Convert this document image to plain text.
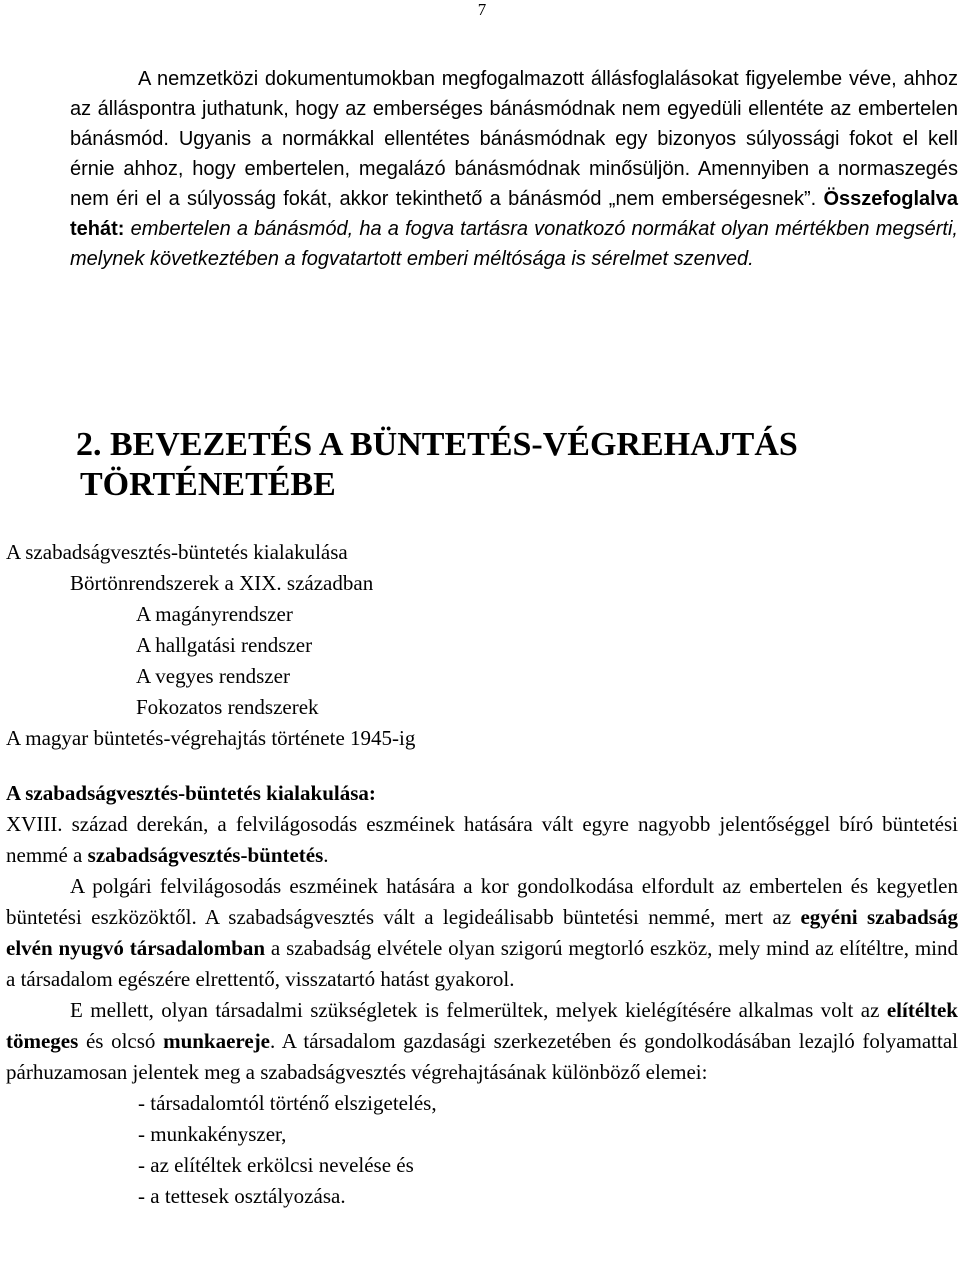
7

A nemzetközi dokumentumokban megfogalmazott állásfoglalásokat figyelembe véve, ahhoz az álláspontra juthatunk, hogy az emberséges bánásmódnak nem egyedüli ellentéte az embertelen bánásmód. Ugyanis a normákkal ellentétes bánásmódnak egy bizonyos súlyossági fokot el kell érnie ahhoz, hogy embertelen, megalázó bánásmódnak minősüljön. Amennyiben a normaszegés nem éri el a súlyosság fokát, akkor tekinthető a bánásmód „nem emberségesnek”. Összefoglalva tehát: embertelen a bánásmód, ha a fogva tartásra vonatkozó normákat olyan mértékben megsérti, melynek következtében a fogvatartott emberi méltósága is sérelmet szenved.

2. BEVEZETÉS A BÜNTETÉS-VÉGREHAJTÁS
TÖRTÉNETÉBE
A szabadságvesztés-büntetés kialakulása
Börtönrendszerek a XIX. században
A magányrendszer
A hallgatási rendszer
A vegyes rendszer
Fokozatos rendszerek
A magyar büntetés-végrehajtás története 1945-ig
A szabadságvesztés-büntetés kialakulása:

XVIII. század derekán, a felvilágosodás eszméinek hatására vált egyre nagyobb jelentőséggel bíró büntetési nemmé a szabadságvesztés-büntetés.

A polgári felvilágosodás eszméinek hatására a kor gondolkodása elfordult az embertelen és kegyetlen büntetési eszközöktől. A szabadságvesztés vált a legideálisabb büntetési nemmé, mert az egyéni szabadság elvén nyugvó társadalomban a szabadság elvétele olyan szigorú megtorló eszköz, mely mind az elítéltre, mind a társadalom egészére elrettentő, visszatartó hatást gyakorol.

E mellett, olyan társadalmi szükségletek is felmerültek, melyek kielégítésére alkalmas volt az elítéltek tömeges és olcsó munkaereje. A társadalom gazdasági szerkezetében és gondolkodásában lezajló folyamattal párhuzamosan jelentek meg a szabadságvesztés végrehajtásának különböző elemei:

- társadalomtól történő elszigetelés,
- munkakényszer,
- az elítéltek erkölcsi nevelése és
- a tettesek osztályozása.
